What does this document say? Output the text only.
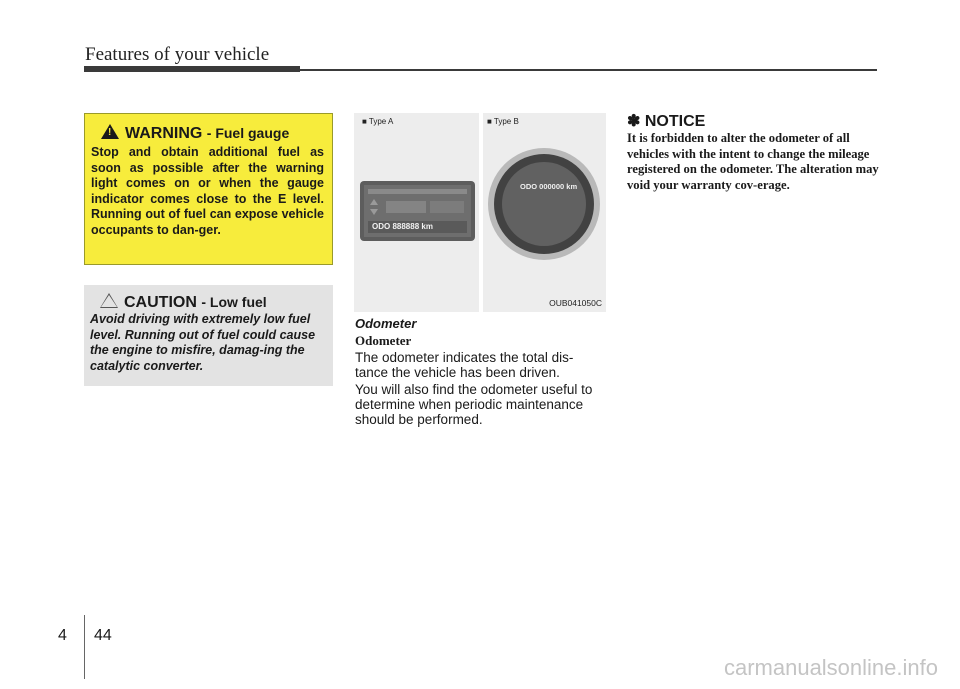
Features of your vehicle
!WARNING - Fuel gauge
Stop and obtain additional fuel as soon as possible after the warning light comes on or when the gauge indicator comes close to the E level. Running out of fuel can expose vehicle occupants to dan-ger.
CAUTION - Low fuel
Avoid driving with extremely low fuel level. Running out of fuel could cause the engine to misfire, damag-ing the catalytic converter.
■ Type A	■ Type B
ODO 888888 km
ODO 000000 km
OUB041050C
Odometer
Odometer
The odometer indicates the total dis-tance the vehicle has been driven.
You will also find the odometer useful to determine when periodic maintenance should be performed.
✽ NOTICE
It is forbidden to alter the odometer of all vehicles with the intent to change the mileage registered on the odometer. The alteration may void your warranty cov-erage.
4 44
carmanualsonline.info
